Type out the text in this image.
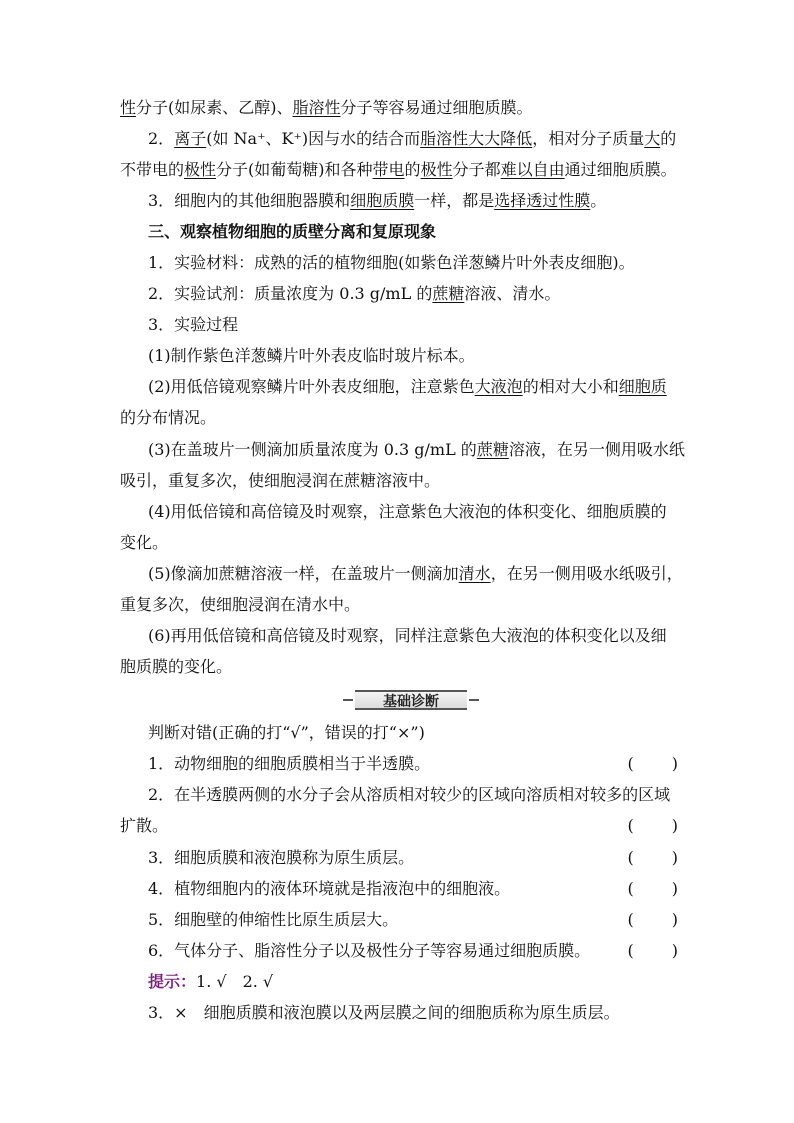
性分子(如尿素、乙醇)、脂溶性分子等容易通过细胞质膜。
2．离子(如 Na⁺、K⁺)因与水的结合而脂溶性大大降低，相对分子质量大的
不带电的极性分子(如葡萄糖)和各种带电的极性分子都难以自由通过细胞质膜。
3．细胞内的其他细胞器膜和细胞质膜一样，都是选择透过性膜。
三、观察植物细胞的质壁分离和复原现象
1．实验材料：成熟的活的植物细胞(如紫色洋葱鳞片叶外表皮细胞)。
2．实验试剂：质量浓度为 0.3 g/mL 的蔗糖溶液、清水。
3．实验过程
(1)制作紫色洋葱鳞片叶外表皮临时玻片标本。
(2)用低倍镜观察鳞片叶外表皮细胞，注意紫色大液泡的相对大小和细胞质
的分布情况。
(3)在盖玻片一侧滴加质量浓度为 0.3 g/mL 的蔗糖溶液，在另一侧用吸水纸
吸引，重复多次，使细胞浸润在蔗糖溶液中。
(4)用低倍镜和高倍镜及时观察，注意紫色大液泡的体积变化、细胞质膜的
变化。
(5)像滴加蔗糖溶液一样，在盖玻片一侧滴加清水，在另一侧用吸水纸吸引，
重复多次，使细胞浸润在清水中。
(6)再用低倍镜和高倍镜及时观察，同样注意紫色大液泡的体积变化以及细
胞质膜的变化。
基础诊断
判断对错(正确的打“√”，错误的打“×”)
1．动物细胞的细胞质膜相当于半透膜。	(　　)
2．在半透膜两侧的水分子会从溶质相对较少的区域向溶质相对较多的区域
扩散。	(　　)
3．细胞质膜和液泡膜称为原生质层。	(　　)
4．植物细胞内的液体环境就是指液泡中的细胞液。	(　　)
5．细胞壁的伸缩性比原生质层大。	(　　)
6．气体分子、脂溶性分子以及极性分子等容易通过细胞质膜。 (　　)
提示：1. √　2. √
3．×　细胞质膜和液泡膜以及两层膜之间的细胞质称为原生质层。
